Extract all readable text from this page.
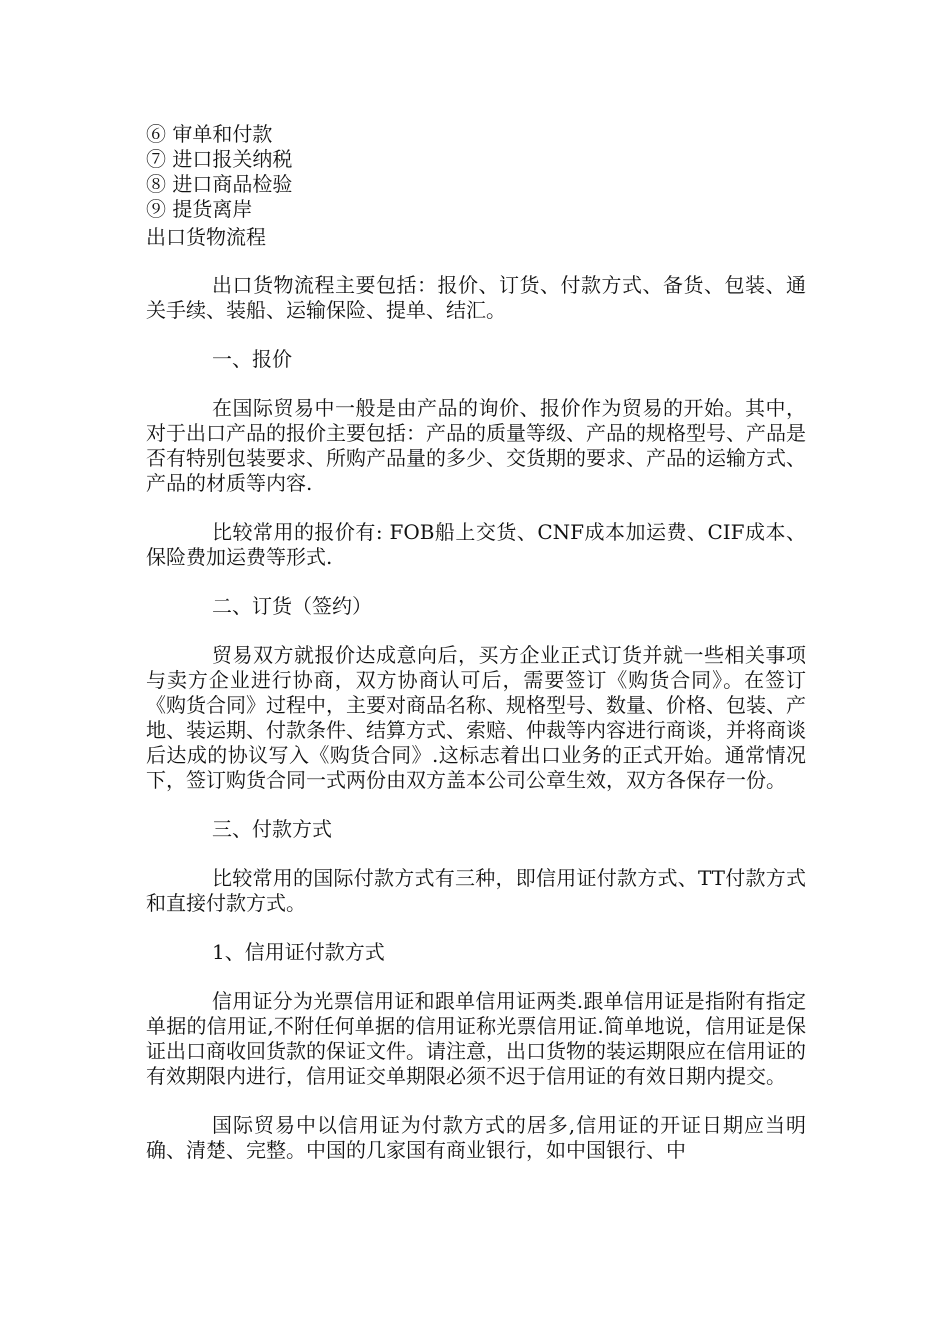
⑥ 审单和付款
⑦ 进口报关纳税
⑧ 进口商品检验
⑨ 提货离岸
出口货物流程

出口货物流程主要包括：报价、订货、付款方式、备货、包装、通关手续、装船、运输保险、提单、结汇。

一、报价

在国际贸易中一般是由产品的询价、报价作为贸易的开始。其中，对于出口产品的报价主要包括：产品的质量等级、产品的规格型号、产品是否有特别包装要求、所购产品量的多少、交货期的要求、产品的运输方式、产品的材质等内容.

比较常用的报价有: FOB船上交货、CNF成本加运费、CIF成本、保险费加运费等形式.

二、订货（签约）

贸易双方就报价达成意向后，买方企业正式订货并就一些相关事项与卖方企业进行协商，双方协商认可后，需要签订《购货合同》。在签订《购货合同》过程中，主要对商品名称、规格型号、数量、价格、包装、产地、装运期、付款条件、结算方式、索赔、仲裁等内容进行商谈，并将商谈后达成的协议写入《购货合同》.这标志着出口业务的正式开始。通常情况下，签订购货合同一式两份由双方盖本公司公章生效，双方各保存一份。

三、付款方式

比较常用的国际付款方式有三种，即信用证付款方式、TT付款方式和直接付款方式。

1、信用证付款方式

信用证分为光票信用证和跟单信用证两类.跟单信用证是指附有指定单据的信用证,不附任何单据的信用证称光票信用证.简单地说，信用证是保证出口商收回货款的保证文件。请注意，出口货物的装运期限应在信用证的有效期限内进行，信用证交单期限必须不迟于信用证的有效日期内提交。

国际贸易中以信用证为付款方式的居多,信用证的开证日期应当明确、清楚、完整。中国的几家国有商业银行，如中国银行、中
